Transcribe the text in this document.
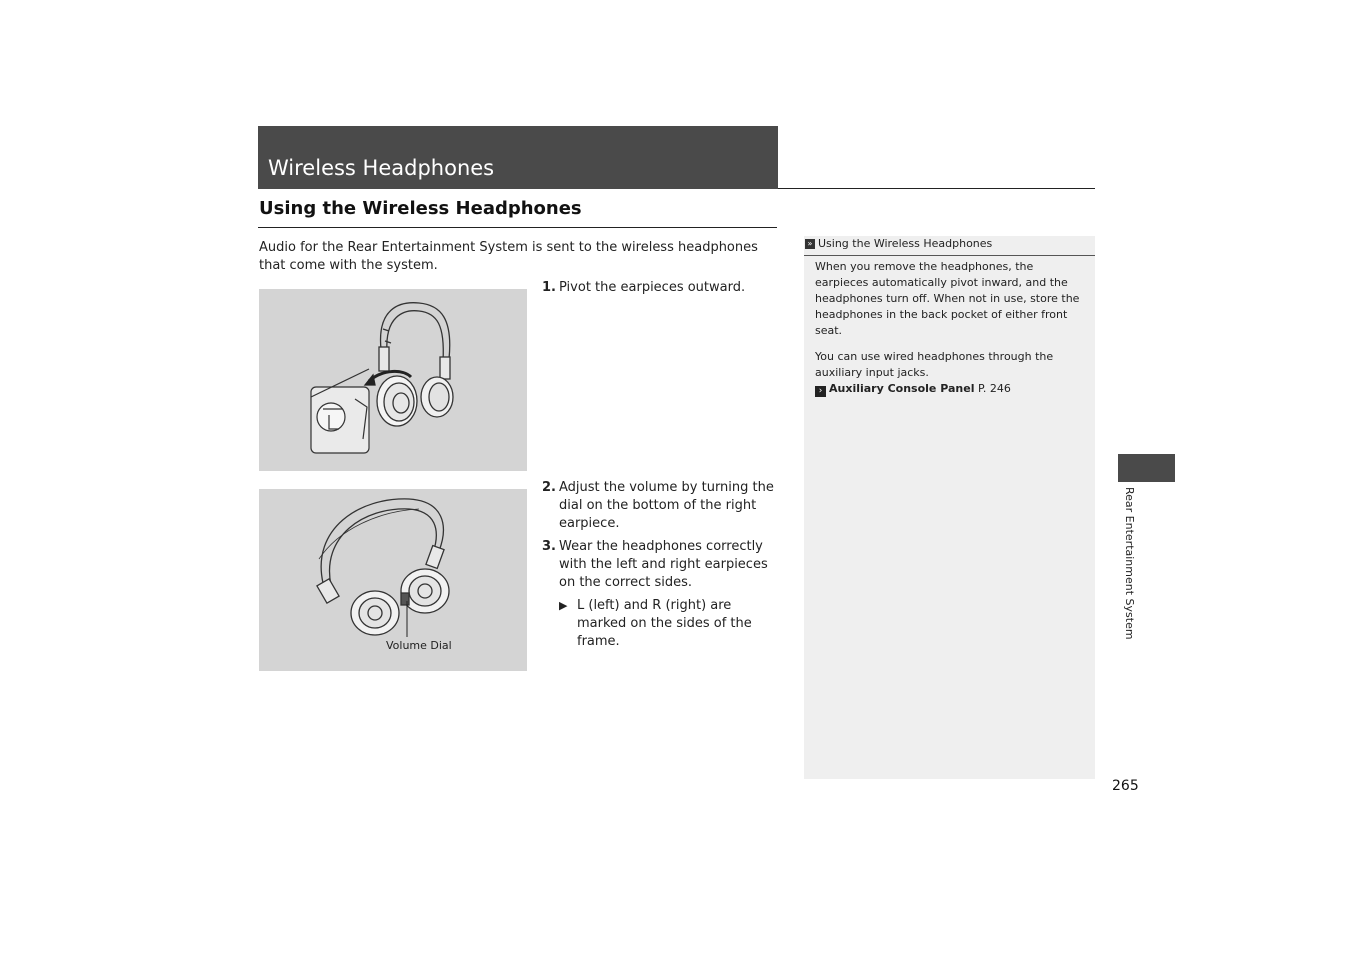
Wireless Headphones
Using the Wireless Headphones
Audio for the Rear Entertainment System is sent to the wireless headphones that come with the system.
Volume Dial
1. Pivot the earpieces outward.
2. Adjust the volume by turning the dial on the bottom of the right earpiece.
3. Wear the headphones correctly with the left and right earpieces on the correct sides.
▶ L (left) and R (right) are marked on the sides of the frame.
» Using the Wireless Headphones
When you remove the headphones, the earpieces automatically pivot inward, and the headphones turn off. When not in use, store the headphones in the back pocket of either front seat.
You can use wired headphones through the auxiliary input jacks.
› Auxiliary Console Panel P. 246
Rear Entertainment System
265
